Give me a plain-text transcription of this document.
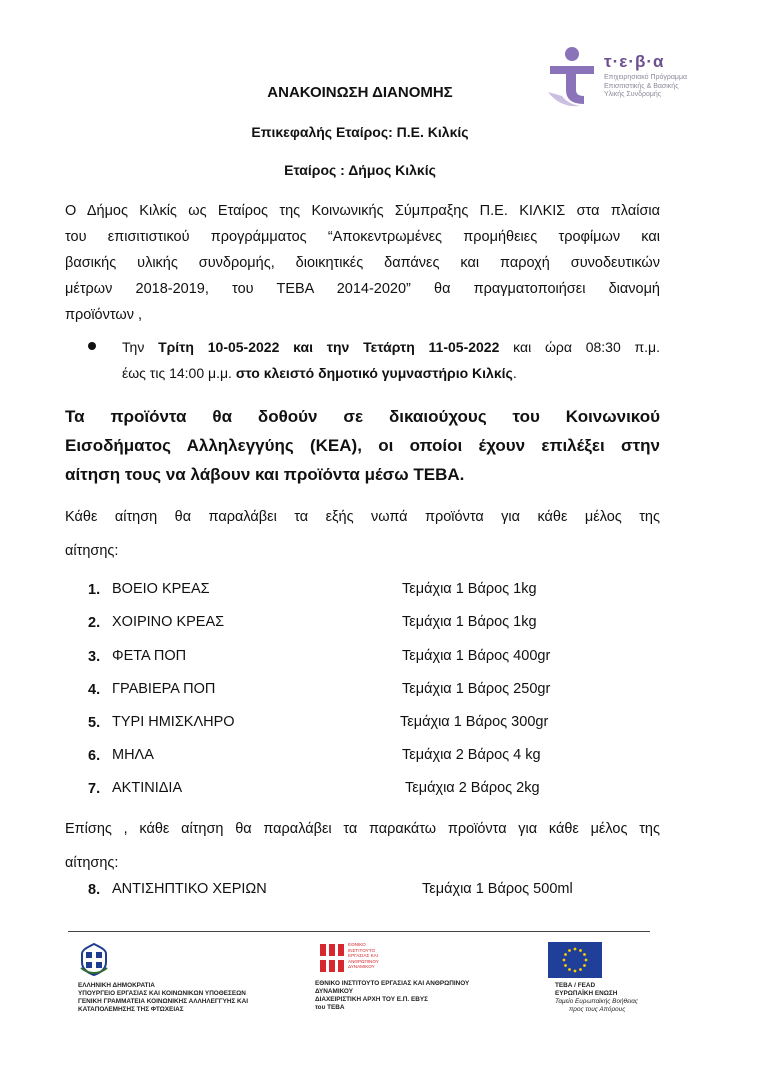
τ·ε·β·α
Επιχειρησιακό Πρόγραμμα
Επισιτιστικής & Βασικής
Υλικής Συνδρομής
ΑΝΑΚΟΙΝΩΣΗ ΔΙΑΝΟΜΗΣ
Επικεφαλής Εταίρος: Π.Ε. Κιλκίς
Εταίρος : Δήμος Κιλκίς
Ο Δήμος Κιλκίς ως Εταίρος της Κοινωνικής Σύμπραξης Π.Ε. ΚΙΛΚΙΣ στα πλαίσια
του επισιτιστικού προγράμματος “Αποκεντρωμένες προμήθειες τροφίμων και
βασικής υλικής συνδρομής, διοικητικές δαπάνες και παροχή συνοδευτικών
μέτρων 2018-2019, του ΤΕΒΑ 2014-2020” θα πραγματοποιήσει διανομή
προϊόντων ,
Την Τρίτη 10-05-2022 και την Τετάρτη 11-05-2022 και ώρα 08:30 π.μ.
έως τις 14:00 μ.μ. στο κλειστό δημοτικό γυμναστήριο Κιλκίς.
Τα προϊόντα θα δοθούν σε δικαιούχους του Κοινωνικού
Εισοδήματος Αλληλεγγύης (ΚΕΑ), οι οποίοι έχουν επιλέξει στην
αίτηση τους να λάβουν και προϊόντα μέσω ΤΕΒΑ.
Κάθε αίτηση θα παραλάβει τα εξής νωπά προϊόντα για κάθε μέλος της
αίτησης:
1. ΒΟΕΙΟ ΚΡΕΑΣ	Τεμάχια 1 Βάρος 1kg
2. ΧΟΙΡΙΝΟ ΚΡΕΑΣ	Τεμάχια 1 Βάρος 1kg
3. ΦΕΤΑ ΠΟΠ	Τεμάχια 1 Βάρος 400gr
4. ΓΡΑΒΙΕΡΑ ΠΟΠ	Τεμάχια 1 Βάρος 250gr
5. ΤΥΡΙ ΗΜΙΣΚΛΗΡΟ	Τεμάχια 1 Βάρος 300gr
6. ΜΗΛΑ	Τεμάχια 2 Βάρος 4 kg
7. ΑΚΤΙΝΙΔΙΑ	Τεμάχια 2 Βάρος 2kg
Επίσης , κάθε αίτηση θα παραλάβει τα παρακάτω προϊόντα για κάθε μέλος της
αίτησης:
8. ΑΝΤΙΣΗΠΤΙΚΟ ΧΕΡΙΩΝ	Τεμάχια 1 Βάρος 500ml
ΕΛΛΗΝΙΚΗ ΔΗΜΟΚΡΑΤΙΑ
ΥΠΟΥΡΓΕΙΟ ΕΡΓΑΣΙΑΣ ΚΑΙ ΚΟΙΝΩΝΙΚΩΝ ΥΠΟΘΕΣΕΩΝ
ΓΕΝΙΚΗ ΓΡΑΜΜΑΤΕΙΑ ΚΟΙΝΩΝΙΚΗΣ ΑΛΛΗΛΕΓΓΥΗΣ ΚΑΙ
ΚΑΤΑΠΟΛΕΜΗΣΗΣ ΤΗΣ ΦΤΩΧΕΙΑΣ
ΕΘΝΙΚΟ
ΙΝΣΤΙΤΟΥΤΟ
ΕΡΓΑΣΙΑΣ ΚΑΙ
ΑΝΘΡΩΠΙΝΟΥ
ΔΥΝΑΜΙΚΟΥ
ΕΘΝΙΚΟ ΙΝΣΤΙΤΟΥΤΟ ΕΡΓΑΣΙΑΣ ΚΑΙ ΑΝΘΡΩΠΙΝΟΥ
ΔΥΝΑΜΙΚΟΥ
ΔΙΑΧΕΙΡΙΣΤΙΚΗ ΑΡΧΗ ΤΟΥ Ε.Π. ΕΒΥΣ
του ΤΕΒΑ
ΤΕΒΑ / FEAD
ΕΥΡΩΠΑΪΚΗ ΕΝΩΣΗ
Ταμείο Ευρωπαϊκής Βοήθειας
προς τους Απόρους
